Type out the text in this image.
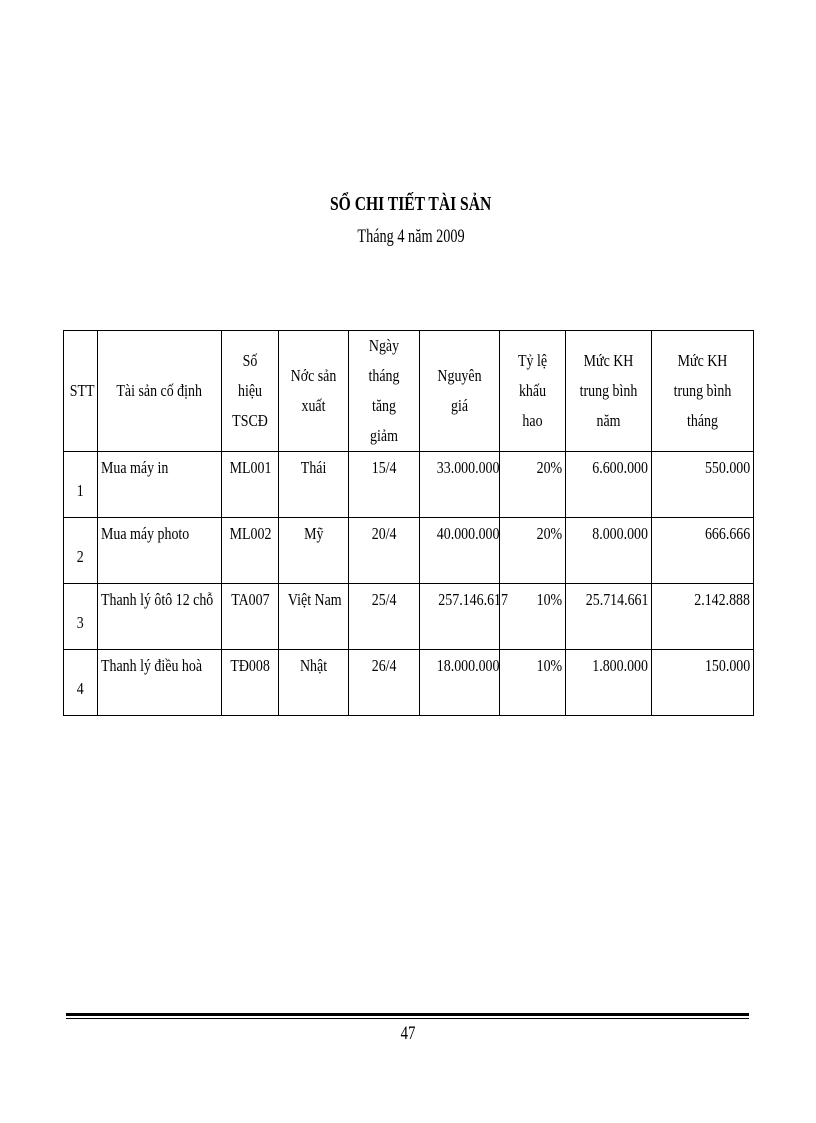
SỔ CHI TIẾT TÀI SẢN
Tháng 4 năm 2009
STT	Tài sản cố định	Số hiệu TSCĐ	Nớc sản xuất	Ngày tháng tăng giảm	Nguyên giá	Tỷ lệ khấu hao	Mức KH trung bình năm	Mức KH trung bình tháng
1	Mua máy in	ML001	Thái	15/4	33.000.000	20%	6.600.000	550.000
2	Mua máy photo	ML002	Mỹ	20/4	40.000.000	20%	8.000.000	666.666
3	Thanh lý ôtô 12 chỗ	TA007	Việt Nam	25/4	257.146.617	10%	25.714.661	2.142.888
4	Thanh lý điều hoà	TĐ008	Nhật	26/4	18.000.000	10%	1.800.000	150.000
47
